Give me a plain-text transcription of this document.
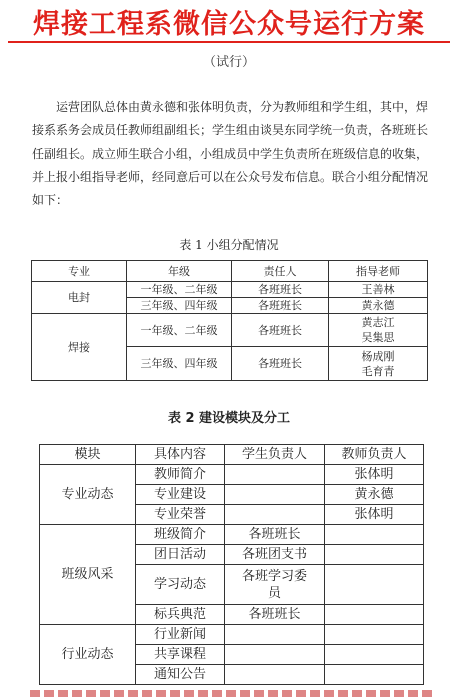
焊接工程系微信公众号运行方案
（试行）
运营团队总体由黄永德和张体明负责，分为教师组和学生组，其中，焊接系系务会成员任教师组副组长；学生组由谈昊东同学统一负责，各班班长任副组长。成立师生联合小组，小组成员中学生负责所在班级信息的收集，并上报小组指导老师，经同意后可以在公众号发布信息。联合小组分配情况如下：
表 1 小组分配情况
专业	年级	责任人	指导老师
电封	一年级、二年级	各班班长	王善林

	三年级、四年级	各班班长	黄永德

焊接	一年级、二年级	各班班长	黄志江
吴集思

	三年级、四年级	各班班长	杨成刚
毛育青
表 2 建设模块及分工
模块	具体内容	学生负责人	教师负责人
专业动态	教师简介		张体明
	专业建设		黄永德
	专业荣誉		张体明
班级风采	班级简介	各班班长	
	团日活动	各班团支书	
	学习动态	各班学习委员	

	标兵典范	各班班长	
行业动态	行业新闻		
	共享课程		
	通知公告		
